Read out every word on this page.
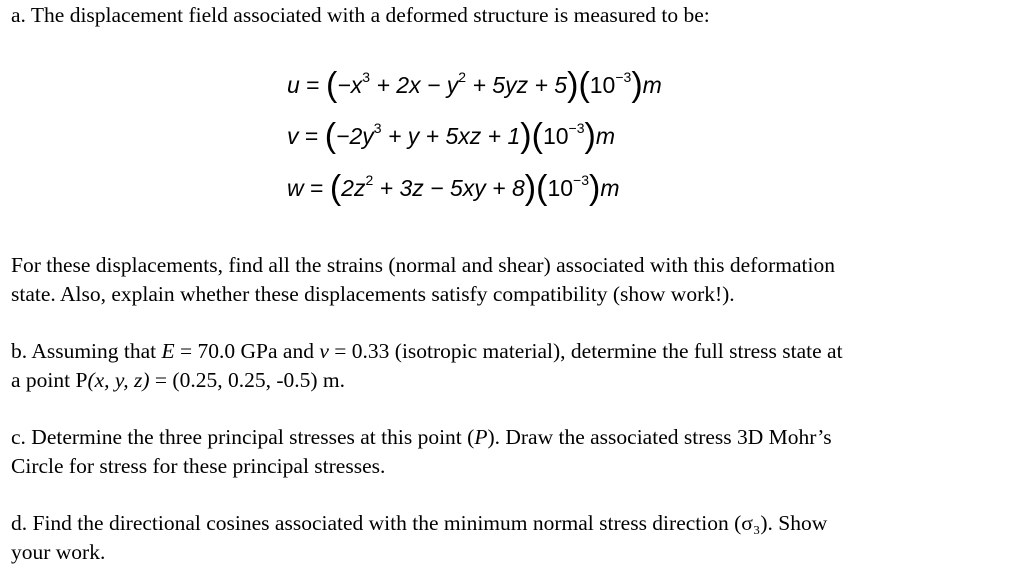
a. The displacement field associated with a deformed structure is measured to be:
$u = (-x^3 + 2x - y^2 + 5yz + 5)(10^{-3})m$
$v = (-2y^3 + y + 5xz + 1)(10^{-3})m$
$w = (2z^2 + 3z - 5xy + 8)(10^{-3})m$
For these displacements, find all the strains (normal and shear) associated with this deformation
state. Also, explain whether these displacements satisfy compatibility (show work!).
b. Assuming that E = 70.0 GPa and ν = 0.33 (isotropic material), determine the full stress state at
a point P(x, y, z) = (0.25, 0.25, -0.5) m.
c. Determine the three principal stresses at this point (P). Draw the associated stress 3D Mohr’s
Circle for stress for these principal stresses.
d. Find the directional cosines associated with the minimum normal stress direction (σ₃). Show
your work.
